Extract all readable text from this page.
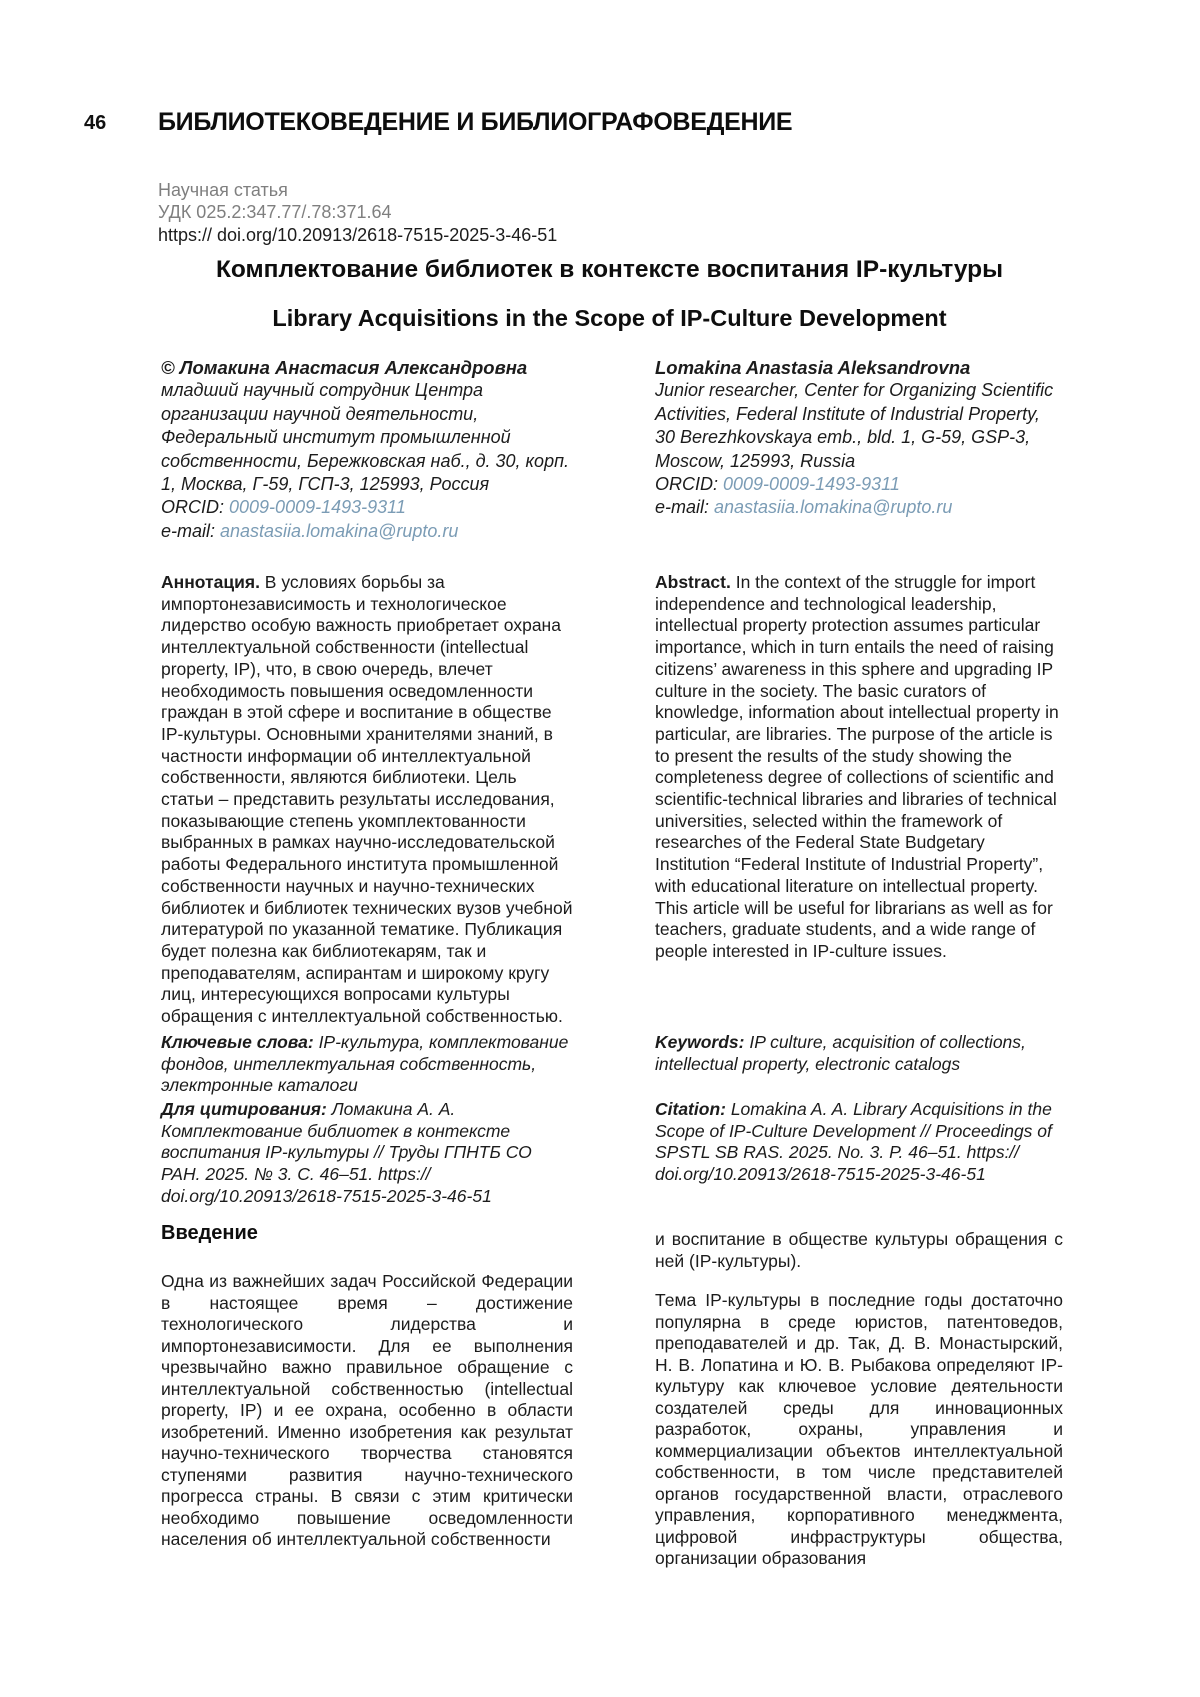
46 БИБЛИОТЕКОВЕДЕНИЕ И БИБЛИОГРАФОВЕДЕНИЕ
Научная статья
УДК 025.2:347.77/.78:371.64
https:// doi.org/10.20913/2618-7515-2025-3-46-51
Комплектование библиотек в контексте воспитания IP-культуры
Library Acquisitions in the Scope of IP-Culture Development
© Ломакина Анастасия Александровна
младший научный сотрудник Центра организации научной деятельности, Федеральный институт промышленной собственности, Бережковская наб., д. 30, корп. 1, Москва, Г-59, ГСП-3, 125993, Россия
ORCID: 0009-0009-1493-9311
e-mail: anastasiia.lomakina@rupto.ru
Lomakina Anastasia Aleksandrovna
Junior researcher, Center for Organizing Scientific Activities, Federal Institute of Industrial Property, 30 Berezhkovskaya emb., bld. 1, G-59, GSP-3, Moscow, 125993, Russia
ORCID: 0009-0009-1493-9311
e-mail: anastasiia.lomakina@rupto.ru
Аннотация. В условиях борьбы за импортонезависимость и технологическое лидерство особую важность приобретает охрана интеллектуальной собственности (intellectual property, IP), что, в свою очередь, влечет необходимость повышения осведомленности граждан в этой сфере и воспитание в обществе IP-культуры. Основными хранителями знаний, в частности информации об интеллектуальной собственности, являются библиотеки. Цель статьи – представить результаты исследования, показывающие степень укомплектованности выбранных в рамках научно-исследовательской работы Федерального института промышленной собственности научных и научно-технических библиотек и библиотек технических вузов учебной литературой по указанной тематике. Публикация будет полезна как библиотекарям, так и преподавателям, аспирантам и широкому кругу лиц, интересующихся вопросами культуры обращения с интеллектуальной собственностью.
Abstract. In the context of the struggle for import independence and technological leadership, intellectual property protection assumes particular importance, which in turn entails the need of raising citizens’ awareness in this sphere and upgrading IP culture in the society. The basic curators of knowledge, information about intellectual property in particular, are libraries. The purpose of the article is to present the results of the study showing the completeness degree of collections of scientific and scientific-technical libraries and libraries of technical universities, selected within the framework of researches of the Federal State Budgetary Institution “Federal Institute of Industrial Property”, with educational literature on intellectual property. This article will be useful for librarians as well as for teachers, graduate students, and a wide range of people interested in IP-culture issues.
Ключевые слова: IP-культура, комплектование фондов, интеллектуальная собственность, электронные каталоги
Keywords: IP culture, acquisition of collections, intellectual property, electronic catalogs
Для цитирования: Ломакина А. А. Комплектование библиотек в контексте воспитания IP-культуры // Труды ГПНТБ СО РАН. 2025. № 3. С. 46–51. https:// doi.org/10.20913/2618-7515-2025-3-46-51
Citation: Lomakina A. A. Library Acquisitions in the Scope of IP-Culture Development // Proceedings of SPSTL SB RAS. 2025. No. 3. P. 46–51. https:// doi.org/10.20913/2618-7515-2025-3-46-51
Введение
Одна из важнейших задач Российской Федерации в настоящее время – достижение технологического лидерства и импортонезависимости. Для ее выполнения чрезвычайно важно правильное обращение с интеллектуальной собственностью (intellectual property, IP) и ее охрана, особенно в области изобретений. Именно изобретения как результат научно-технического творчества становятся ступенями развития научно-технического прогресса страны. В связи с этим критически необходимо повышение осведомленности населения об интеллектуальной собственности
и воспитание в обществе культуры обращения с ней (IP-культуры).
Тема IP-культуры в последние годы достаточно популярна в среде юристов, патентоведов, преподавателей и др. Так, Д. В. Монастырский, Н. В. Лопатина и Ю. В. Рыбакова определяют IP-культуру как ключевое условие деятельности создателей среды для инновационных разработок, охраны, управления и коммерциализации объектов интеллектуальной собственности, в том числе представителей органов государственной власти, отраслевого управления, корпоративного менеджмента, цифровой инфраструктуры общества, организации образования
